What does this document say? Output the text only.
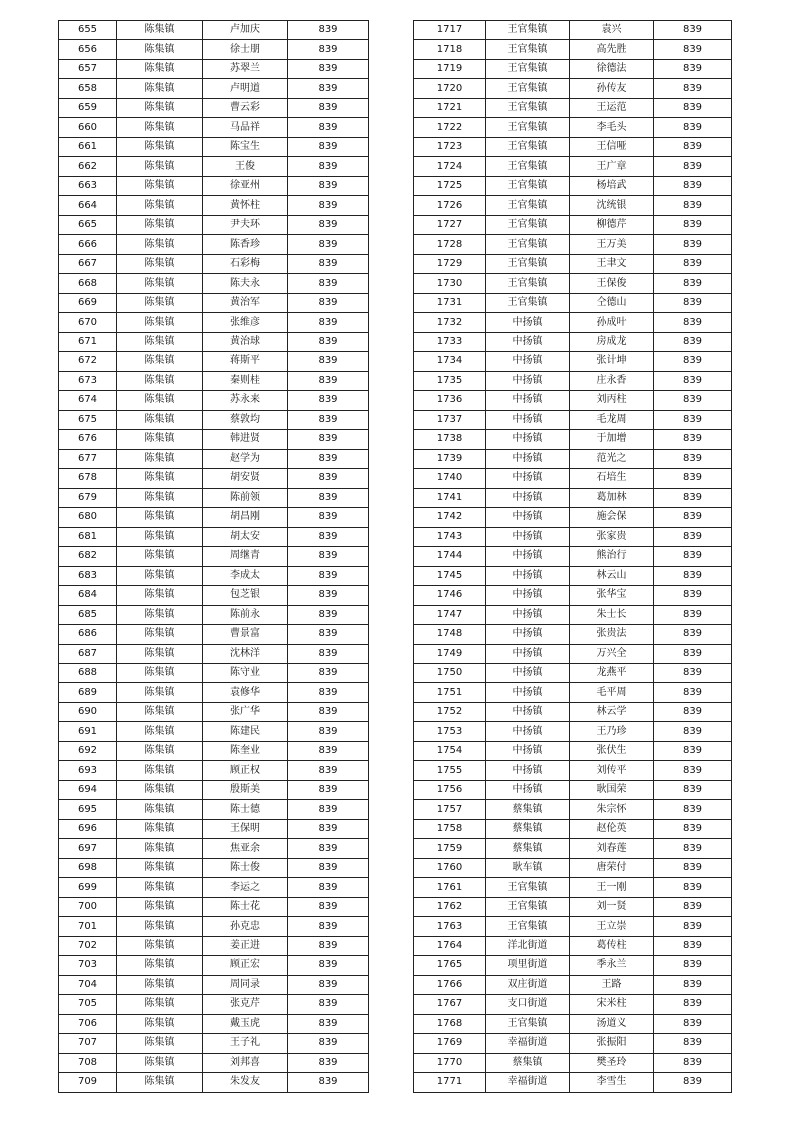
655	陈集镇	卢加庆	839
656	陈集镇	徐士朋	839
657	陈集镇	苏翠兰	839
658	陈集镇	卢明道	839
659	陈集镇	曹云彩	839
660	陈集镇	马品祥	839
661	陈集镇	陈宝生	839
662	陈集镇	王俊	839
663	陈集镇	徐亚州	839
664	陈集镇	黄怀柱	839
665	陈集镇	尹夫环	839
666	陈集镇	陈香珍	839
667	陈集镇	石彩梅	839
668	陈集镇	陈夫永	839
669	陈集镇	黄治军	839
670	陈集镇	张维彦	839
671	陈集镇	黄治球	839
672	陈集镇	蒋斯平	839
673	陈集镇	秦则桂	839
674	陈集镇	苏永来	839
675	陈集镇	蔡敦均	839
676	陈集镇	韩进贤	839
677	陈集镇	赵学为	839
678	陈集镇	胡安贤	839
679	陈集镇	陈前领	839
680	陈集镇	胡昌刚	839
681	陈集镇	胡太安	839
682	陈集镇	周继青	839
683	陈集镇	李成太	839
684	陈集镇	包芝银	839
685	陈集镇	陈前永	839
686	陈集镇	曹景富	839
687	陈集镇	沈林洋	839
688	陈集镇	陈守业	839
689	陈集镇	袁修华	839
690	陈集镇	张广华	839
691	陈集镇	陈建民	839
692	陈集镇	陈奎业	839
693	陈集镇	顾正权	839
694	陈集镇	殷斯美	839
695	陈集镇	陈士德	839
696	陈集镇	王保明	839
697	陈集镇	焦亚余	839
698	陈集镇	陈士俊	839
699	陈集镇	李运之	839
700	陈集镇	陈士花	839
701	陈集镇	孙克忠	839
702	陈集镇	姜正进	839
703	陈集镇	顾正宏	839
704	陈集镇	周同录	839
705	陈集镇	张克芹	839
706	陈集镇	戴玉虎	839
707	陈集镇	王子礼	839
708	陈集镇	刘邦喜	839
709	陈集镇	朱发友	839
1717	王官集镇	袁兴	839
1718	王官集镇	高先胜	839
1719	王官集镇	徐德法	839
1720	王官集镇	孙传友	839
1721	王官集镇	王运范	839
1722	王官集镇	李毛头	839
1723	王官集镇	王信哑	839
1724	王官集镇	王广章	839
1725	王官集镇	杨培武	839
1726	王官集镇	沈统银	839
1727	王官集镇	柳德芹	839
1728	王官集镇	王万美	839
1729	王官集镇	王聿文	839
1730	王官集镇	王保俊	839
1731	王官集镇	仝德山	839
1732	中扬镇	孙成叶	839
1733	中扬镇	房成龙	839
1734	中扬镇	张计坤	839
1735	中扬镇	庄永香	839
1736	中扬镇	刘丙柱	839
1737	中扬镇	毛龙周	839
1738	中扬镇	于加增	839
1739	中扬镇	范光之	839
1740	中扬镇	石培生	839
1741	中扬镇	葛加林	839
1742	中扬镇	施会保	839
1743	中扬镇	张家贵	839
1744	中扬镇	熊治行	839
1745	中扬镇	林云山	839
1746	中扬镇	张华宝	839
1747	中扬镇	朱士长	839
1748	中扬镇	张贵法	839
1749	中扬镇	万兴全	839
1750	中扬镇	龙燕平	839
1751	中扬镇	毛平周	839
1752	中扬镇	林云学	839
1753	中扬镇	王乃珍	839
1754	中扬镇	张伏生	839
1755	中扬镇	刘传平	839
1756	中扬镇	耿国荣	839
1757	蔡集镇	朱宗怀	839
1758	蔡集镇	赵伦英	839
1759	蔡集镇	刘春莲	839
1760	耿车镇	唐荣付	839
1761	王官集镇	王一刚	839
1762	王官集镇	刘一贤	839
1763	王官集镇	王立崇	839
1764	洋北街道	葛传柱	839
1765	项里街道	季永兰	839
1766	双庄街道	王路	839
1767	支口街道	宋米柱	839
1768	王官集镇	汤道义	839
1769	幸福街道	张振阳	839
1770	蔡集镇	樊圣玲	839
1771	幸福街道	李雪生	839
